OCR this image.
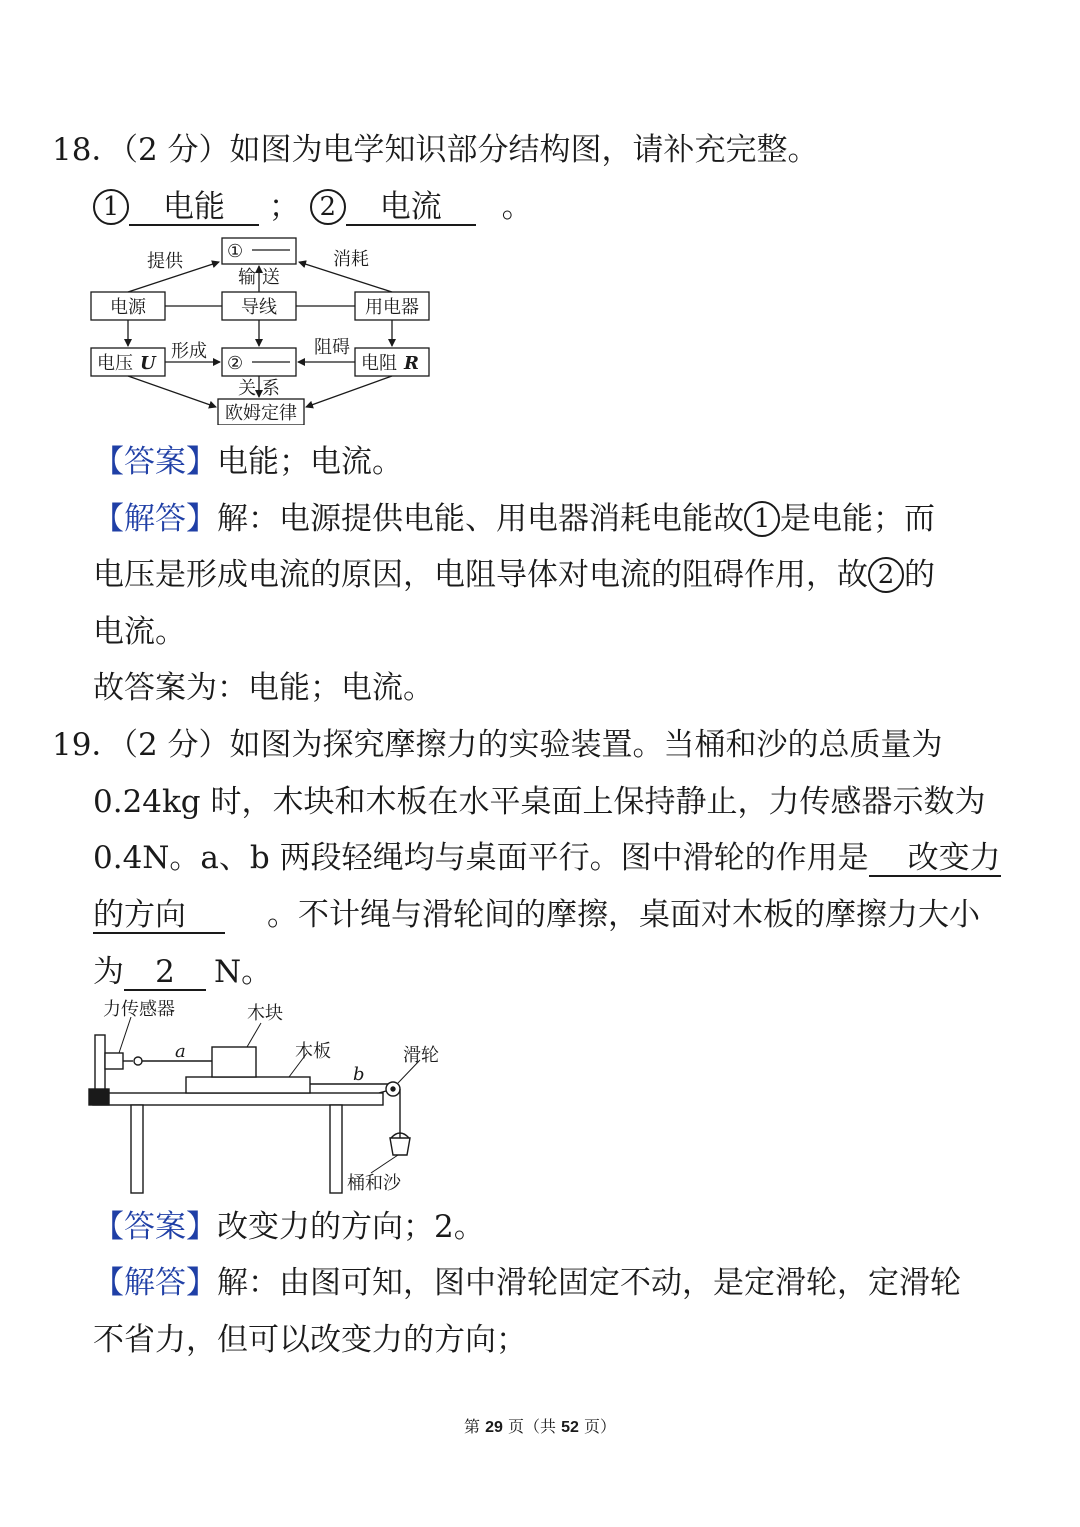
18．（2 分）如图为电学知识部分结构图，请补充完整。
1 电能 ； 2 电流 。
①
②
电源	导线	用电器
电压 U	电阻 R
欧姆定律
提供	消耗
输 送
形成	阻碍
关 系
【答案】电能；电流。
【解答】解：电源提供电能、用电器消耗电能故 1 是电能；而
电压是形成电流的原因，电阻导体对电流的阻碍作用，故 2 的
电流。
故答案为：电能；电流。
19．（2 分）如图为探究摩擦力的实验装置。当桶和沙的总质量为
0.24kg 时，木块和木板在水平桌面上保持静止，力传感器示数为
0.4N。a、b 两段轻绳均与桌面平行。图中滑轮的作用是 改变力
的方向	。不计绳与滑轮间的摩擦，桌面对木板的摩擦力大小
为 2 N。
力传感器	木块
木板	滑轮
桶和沙
a
b
【答案】改变力的方向；2。
【解答】解：由图可知，图中滑轮固定不动，是定滑轮，定滑轮
不省力，但可以改变力的方向；
第 29 页（共 52 页）
